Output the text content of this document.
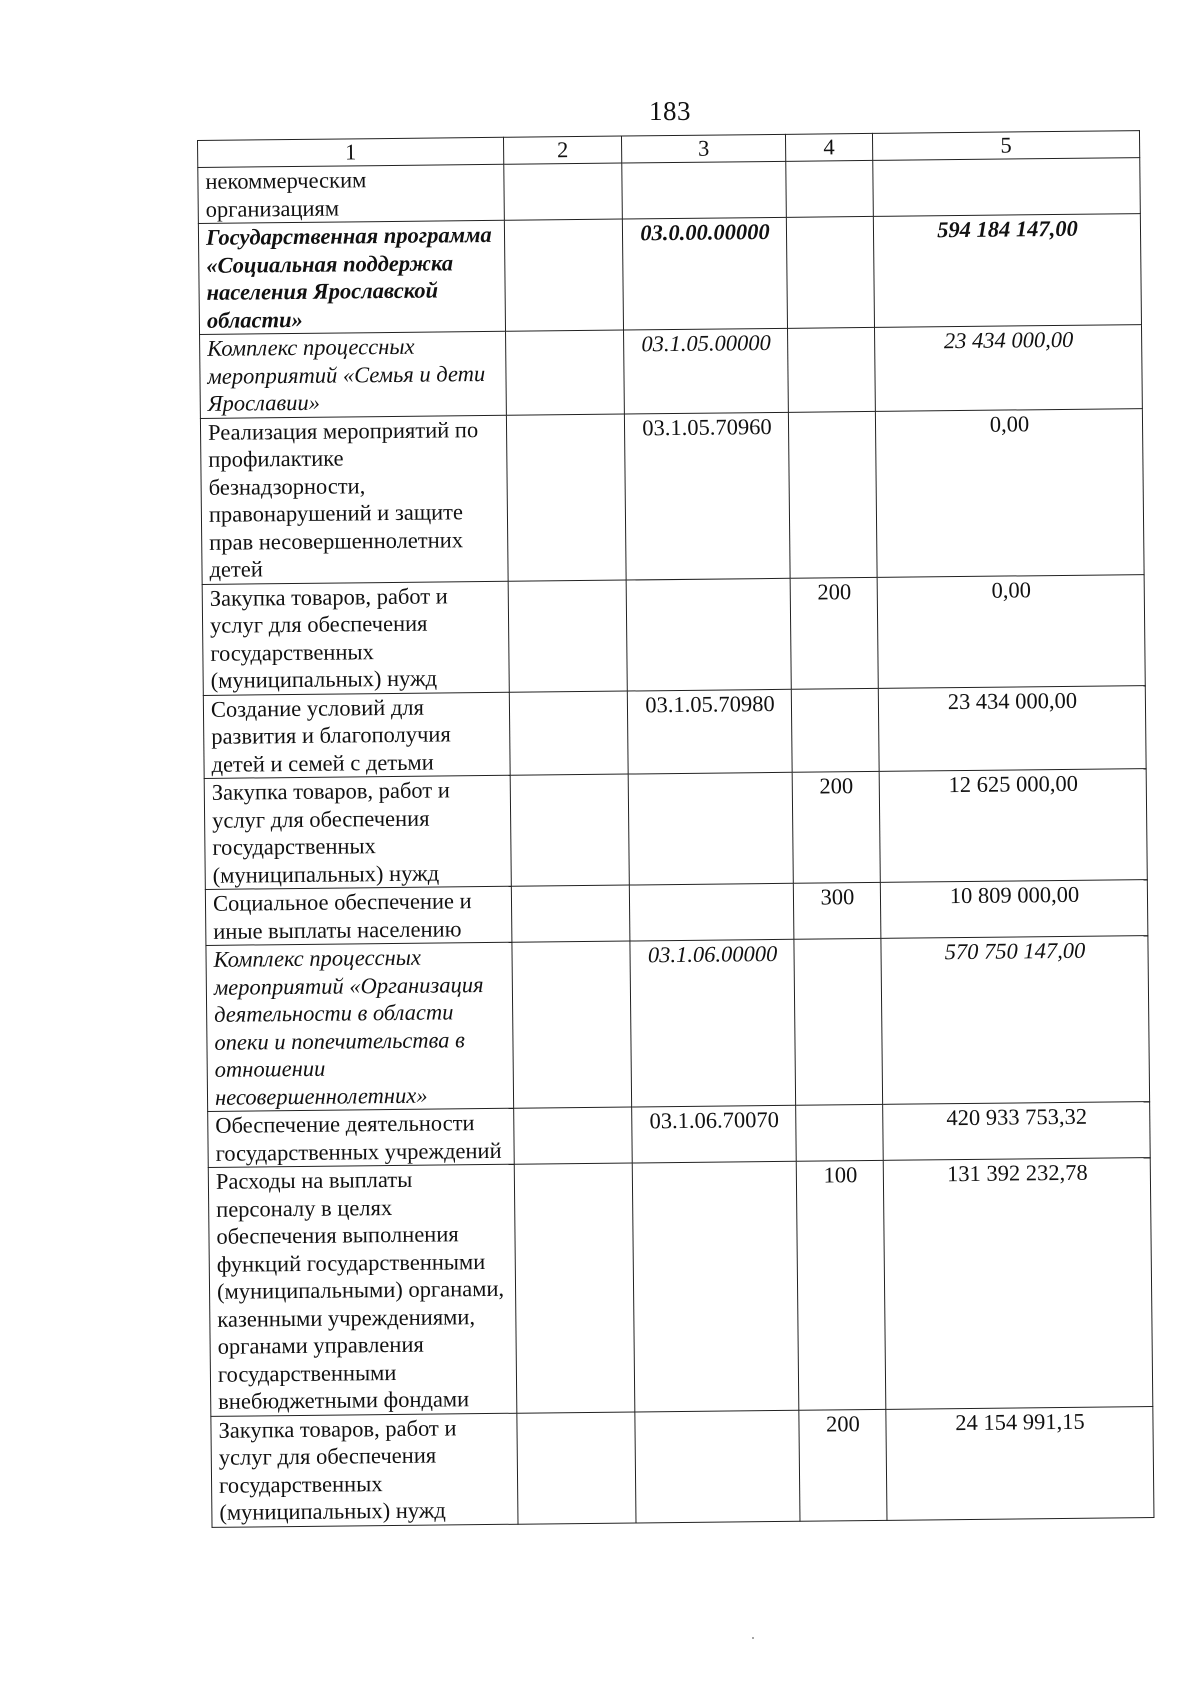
183
1	2	3	4	5
некоммерческим организациям				
Государственная программа «Социальная поддержка населения Ярославской области»		03.0.00.00000		594 184 147,00
Комплекс процессных мероприятий «Семья и дети Ярославии»		03.1.05.00000		23 434 000,00
Реализация мероприятий по профилактике безнадзорности, правонарушений и защите прав несовершеннолетних детей		03.1.05.70960		0,00
Закупка товаров, работ и услуг для обеспечения государственных (муниципальных) нужд			200	0,00
Создание условий для развития и благополучия детей и семей с детьми		03.1.05.70980		23 434 000,00
Закупка товаров, работ и услуг для обеспечения государственных (муниципальных) нужд			200	12 625 000,00
Социальное обеспечение и иные выплаты населению			300	10 809 000,00
Комплекс процессных мероприятий «Организация деятельности в области опеки и попечительства в отношении несовершеннолетних»		03.1.06.00000		570 750 147,00
Обеспечение деятельности государственных учреждений		03.1.06.70070		420 933 753,32
Расходы на выплаты персоналу в целях обеспечения выполнения функций государственными (муниципальными) органами, казенными учреждениями, органами управления государственными внебюджетными фондами			100	131 392 232,78
Закупка товаров, работ и услуг для обеспечения государственных (муниципальных) нужд			200	24 154 991,15
